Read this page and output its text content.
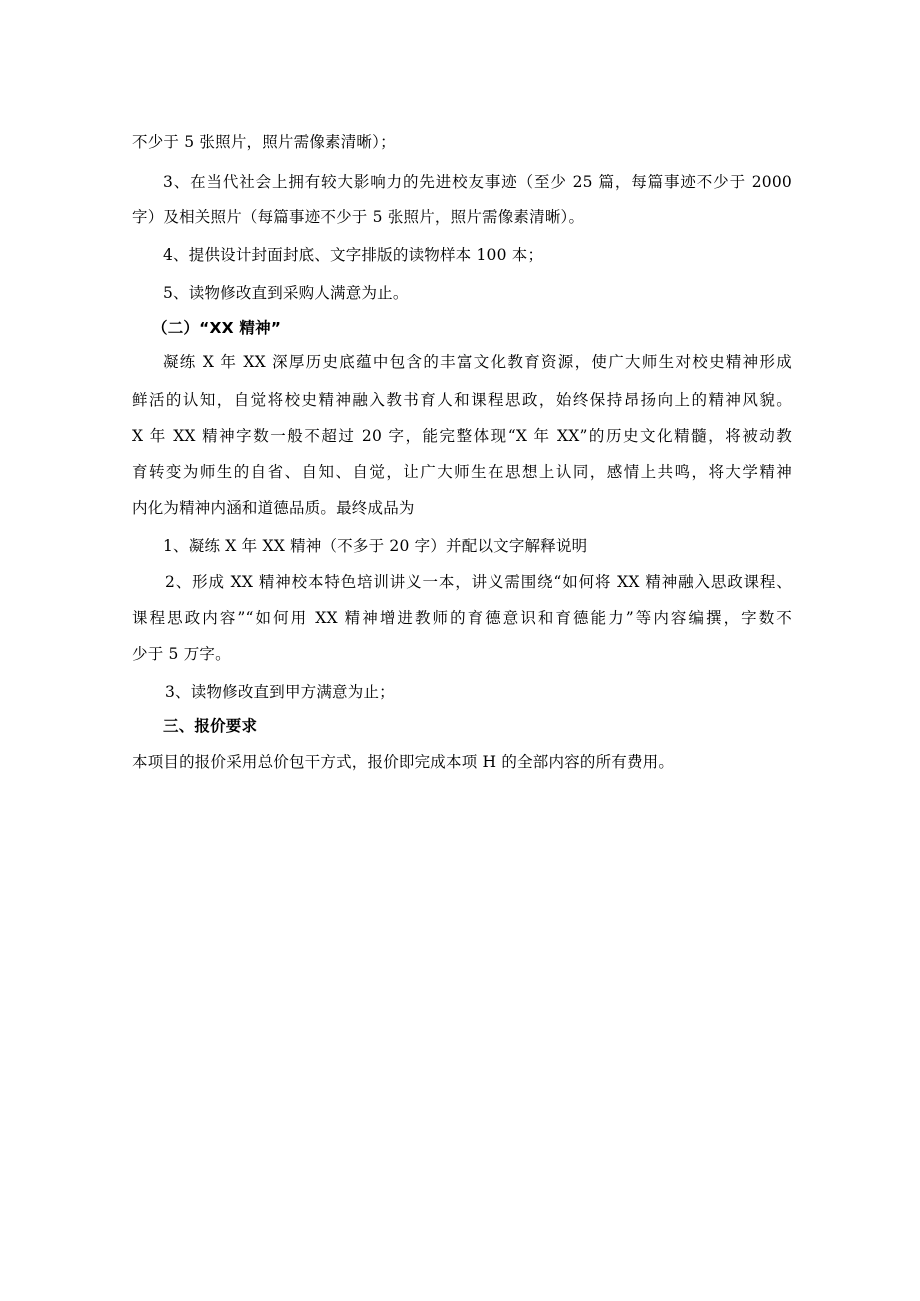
不少于 5 张照片，照片需像素清晰）；
3、在当代社会上拥有较大影响力的先进校友事迹（至少 25 篇，每篇事迹不少于 2000
字）及相关照片（每篇事迹不少于 5 张照片，照片需像素清晰）。
4、提供设计封面封底、文字排版的读物样本 100 本；
5、读物修改直到采购人满意为止。
（二）“XX 精神”
凝练 X 年 XX 深厚历史底蕴中包含的丰富文化教育资源，使广大师生对校史精神形成
鲜活的认知，自觉将校史精神融入教书育人和课程思政，始终保持昂扬向上的精神风貌。
X 年 XX 精神字数一般不超过 20 字，能完整体现“X 年 XX”的历史文化精髓，将被动教
育转变为师生的自省、自知、自觉，让广大师生在思想上认同，感情上共鸣，将大学精神
内化为精神内涵和道德品质。最终成品为
1、凝练 X 年 XX 精神（不多于 20 字）并配以文字解释说明
2、形成 XX 精神校本特色培训讲义一本，讲义需围绕“如何将 XX 精神融入思政课程、
课程思政内容”“如何用 XX 精神增进教师的育德意识和育德能力”等内容编撰，字数不
少于 5 万字。
3、读物修改直到甲方满意为止；
三、报价要求
本项目的报价采用总价包干方式，报价即完成本项 H 的全部内容的所有费用。
